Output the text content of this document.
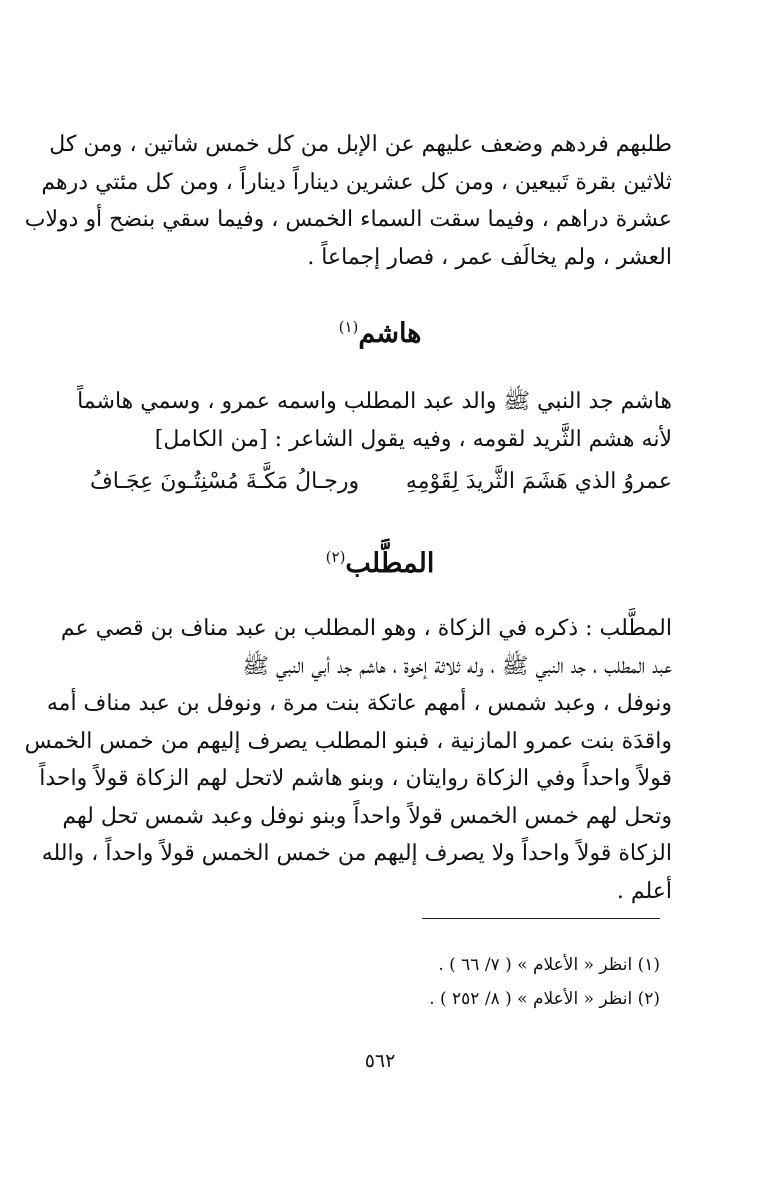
طلبهم فردهم وضعف عليهم عن الإبل من كل خمس شاتين ، ومن كل
ثلاثين بقرة تَبيعين ، ومن كل عشرين ديناراً ديناراً ، ومن كل مئتي درهم
عشرة دراهم ، وفيما سقت السماء الخمس ، وفيما سقي بنضح أو دولاب
العشر ، ولم يخالَف عمر ، فصار إجماعاً .
هاشم$^{(١)}$
هاشم جد النبي ﷺ والد عبد المطلب واسمه عمرو ، وسمي هاشماً
لأنه هشم الثَّريد لقومه ، وفيه يقول الشاعر : [من الكامل]
عمروُ الذي هَشَمَ الثَّريدَ لِقَوْمِهِ
ورجـالُ مَكَّـةَ مُسْنِتُـونَ عِجَـافُ
المطَّلب$^{(٢)}$
المطَّلب : ذكره في الزكاة ، وهو المطلب بن عبد مناف بن قصي عم
عبد المطلب ، جد النبي ﷺ ، وله ثلاثة إخوة ، هاشم جد أبي النبي ﷺ
ونوفل ، وعبد شمس ، أمهم عاتكة بنت مرة ، ونوفل بن عبد مناف أمه
واقدَة بنت عمرو المازنية ، فبنو المطلب يصرف إليهم من خمس الخمس
قولاً واحداً وفي الزكاة روايتان ، وبنو هاشم لاتحل لهم الزكاة قولاً واحداً
وتحل لهم خمس الخمس قولاً واحداً وبنو نوفل وعبد شمس تحل لهم
الزكاة قولاً واحداً ولا يصرف إليهم من خمس الخمس قولاً واحداً ، والله
أعلم .
(١) انظر « الأعلام » ( ٧/ ٦٦ ) .
(٢) انظر « الأعلام » ( ٨/ ٢٥٢ ) .
٥٦٢
